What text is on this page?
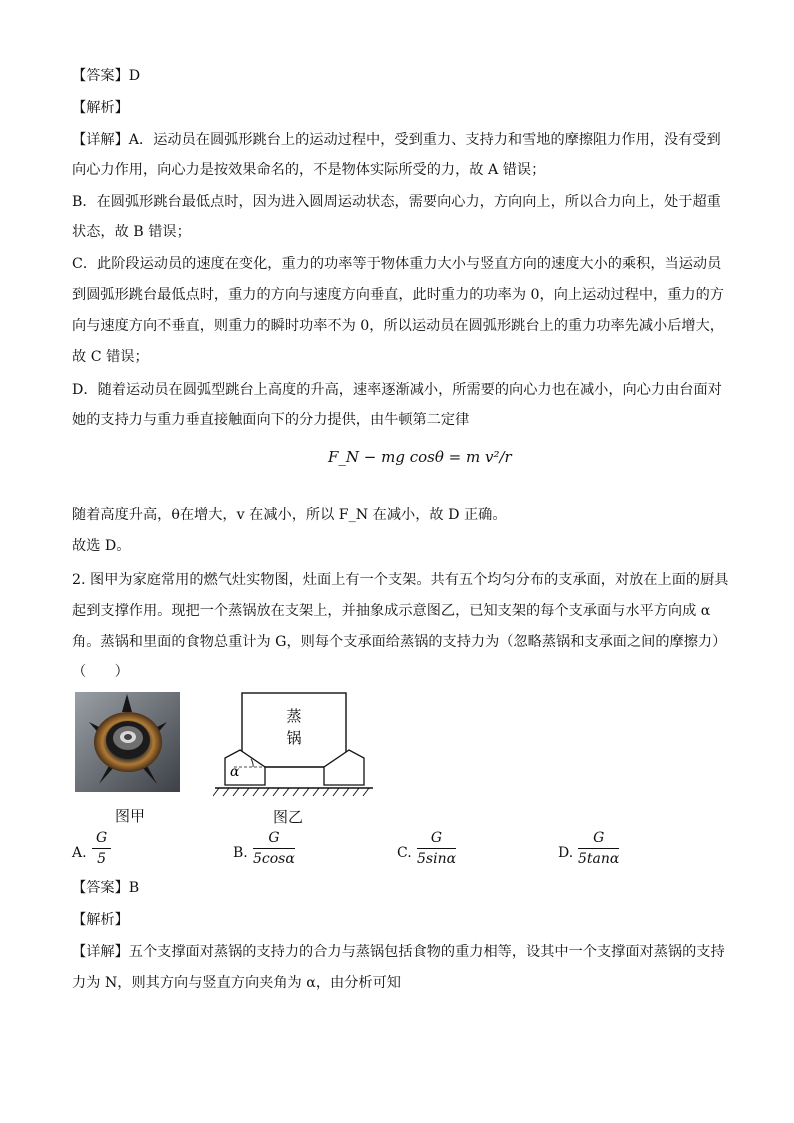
【答案】D
【解析】
【详解】A．运动员在圆弧形跳台上的运动过程中，受到重力、支持力和雪地的摩擦阻力作用，没有受到
向心力作用，向心力是按效果命名的，不是物体实际所受的力，故 A 错误；
B．在圆弧形跳台最低点时，因为进入圆周运动状态，需要向心力，方向向上，所以合力向上，处于超重
状态，故 B 错误；
C．此阶段运动员的速度在变化，重力的功率等于物体重力大小与竖直方向的速度大小的乘积，当运动员
到圆弧形跳台最低点时，重力的方向与速度方向垂直，此时重力的功率为 0，向上运动过程中，重力的方
向与速度方向不垂直，则重力的瞬时功率不为 0，所以运动员在圆弧形跳台上的重力功率先减小后增大，
故 C 错误；
D．随着运动员在圆弧型跳台上高度的升高，速率逐渐减小，所需要的向心力也在减小，向心力由台面对
她的支持力与重力垂直接触面向下的分力提供，由牛顿第二定律
F_N − mg cosθ = m v²/r
随着高度升高，θ在增大，v 在减小，所以 F_N 在减小，故 D 正确。
故选 D。
2. 图甲为家庭常用的燃气灶实物图，灶面上有一个支架。共有五个均匀分布的支承面，对放在上面的厨具
起到支撑作用。现把一个蒸锅放在支架上，并抽象成示意图乙，已知支架的每个支承面与水平方向成 α
角。蒸锅和里面的食物总重计为 G，则每个支承面给蒸锅的支持力为（忽略蒸锅和支承面之间的摩擦力）
（　　）
图甲
蒸
锅
α
图乙
A. $\frac{G}{5}$	B. $\frac{G}{5\cos\alpha}$	C. $\frac{G}{5\sin\alpha}$	D. $\frac{G}{5\tan\alpha}$
【答案】B
【解析】
【详解】五个支撑面对蒸锅的支持力的合力与蒸锅包括食物的重力相等，设其中一个支撑面对蒸锅的支持
力为 N，则其方向与竖直方向夹角为 α，由分析可知
